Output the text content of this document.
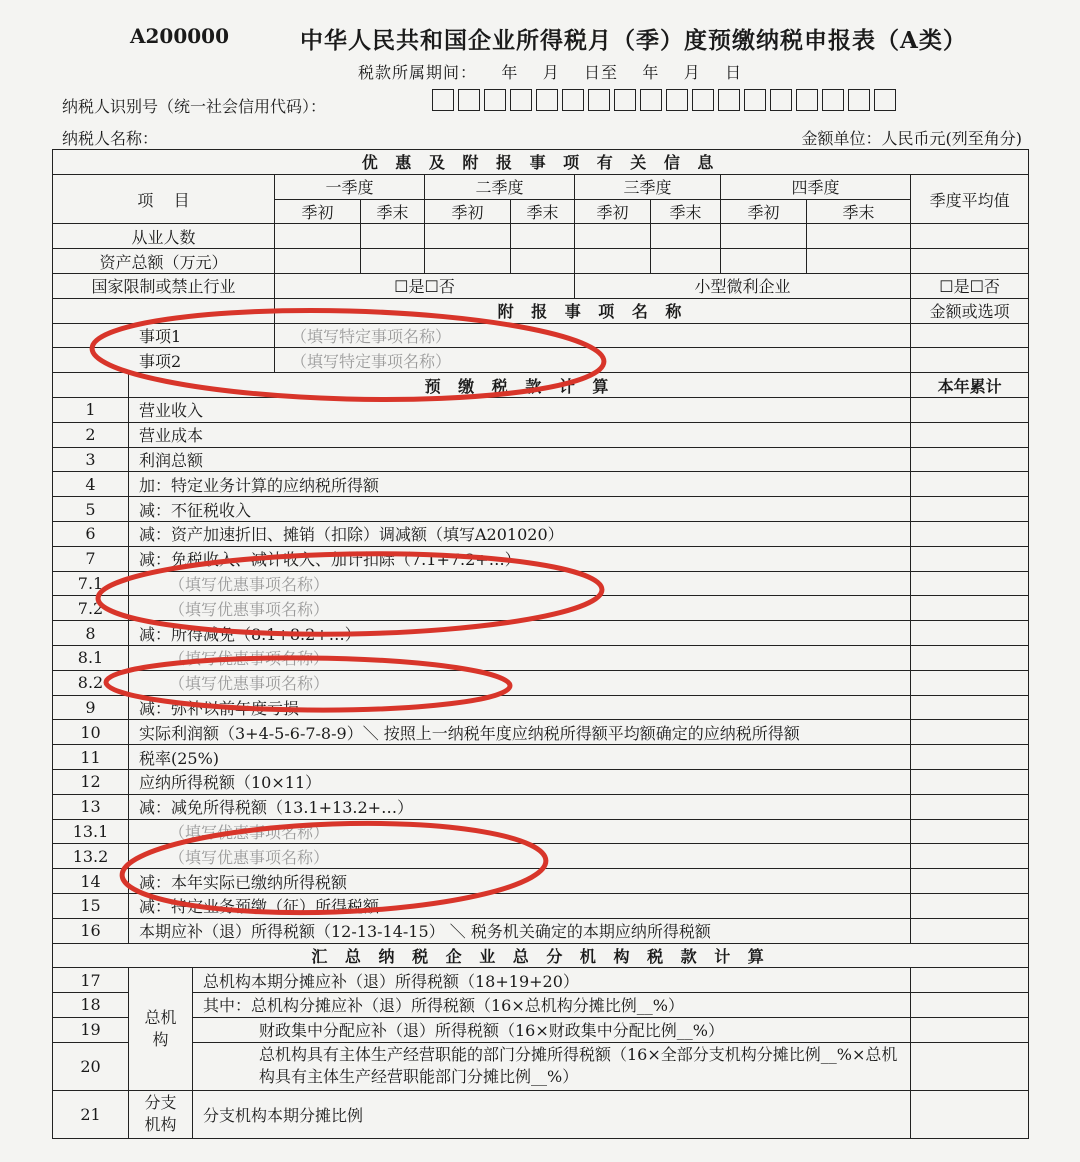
A200000	中华人民共和国企业所得税月（季）度预缴纳税申报表（A类）
税款所属期间：    年    月    日至    年    月    日
纳税人识别号（统一社会信用代码）：
纳税人名称：	金额单位：人民币元(列至角分)
优 惠 及 附 报 事 项 有 关 信 息											
项    目			一季度		二季度		三季度		四季度		季度平均值
			季初	季末	季初	季末	季初	季末	季初	季末	
从业人数											
资产总额（万元）											
国家限制或禁止行业			☐是☐否				小型微利企业				☐是☐否
			附 报 事 项 名 称								金额或选项
事项1			（填写特定事项名称）								
事项2			（填写特定事项名称）								
	预 缴 税 款 计 算										本年累计
1	营业收入										
2	营业成本										
3	利润总额										
4	加：特定业务计算的应纳税所得额										
5	减：不征税收入										
6	减：资产加速折旧、摊销（扣除）调减额（填写A201020）										
7	减：免税收入、减计收入、加计扣除（7.1+7.2+…）										
7.1	（填写优惠事项名称）										
7.2	（填写优惠事项名称）										
8	减：所得减免（8.1+8.2+…）										
8.1	（填写优惠事项名称）										
8.2	（填写优惠事项名称）										
9	减：弥补以前年度亏损										
10	实际利润额（3+4-5-6-7-8-9）＼ 按照上一纳税年度应纳税所得额平均额确定的应纳税所得额										
11	税率(25%)										
12	应纳所得税额（10×11）										
13	减：减免所得税额（13.1+13.2+…）										
13.1	（填写优惠事项名称）										
13.2	（填写优惠事项名称）										
14	减：本年实际已缴纳所得税额										
15	减：特定业务预缴（征）所得税额										
16	本期应补（退）所得税额（12-13-14-15） ＼ 税务机关确定的本期应纳所得税额										
汇 总 纳 税 企 业 总 分 机 构 税 款 计 算											
17	总机构	总机构本期分摊应补（退）所得税额（18+19+20）									
18		其中：总机构分摊应补（退）所得税额（16×总机构分摊比例__%）									
19		财政集中分配应补（退）所得税额（16×财政集中分配比例__%）									
20		总机构具有主体生产经营职能的部门分摊所得税额（16×全部分支机构分摊比例__%×总机构具有主体生产经营职能部门分摊比例__%）									
21	分支机构	分支机构本期分摊比例									
